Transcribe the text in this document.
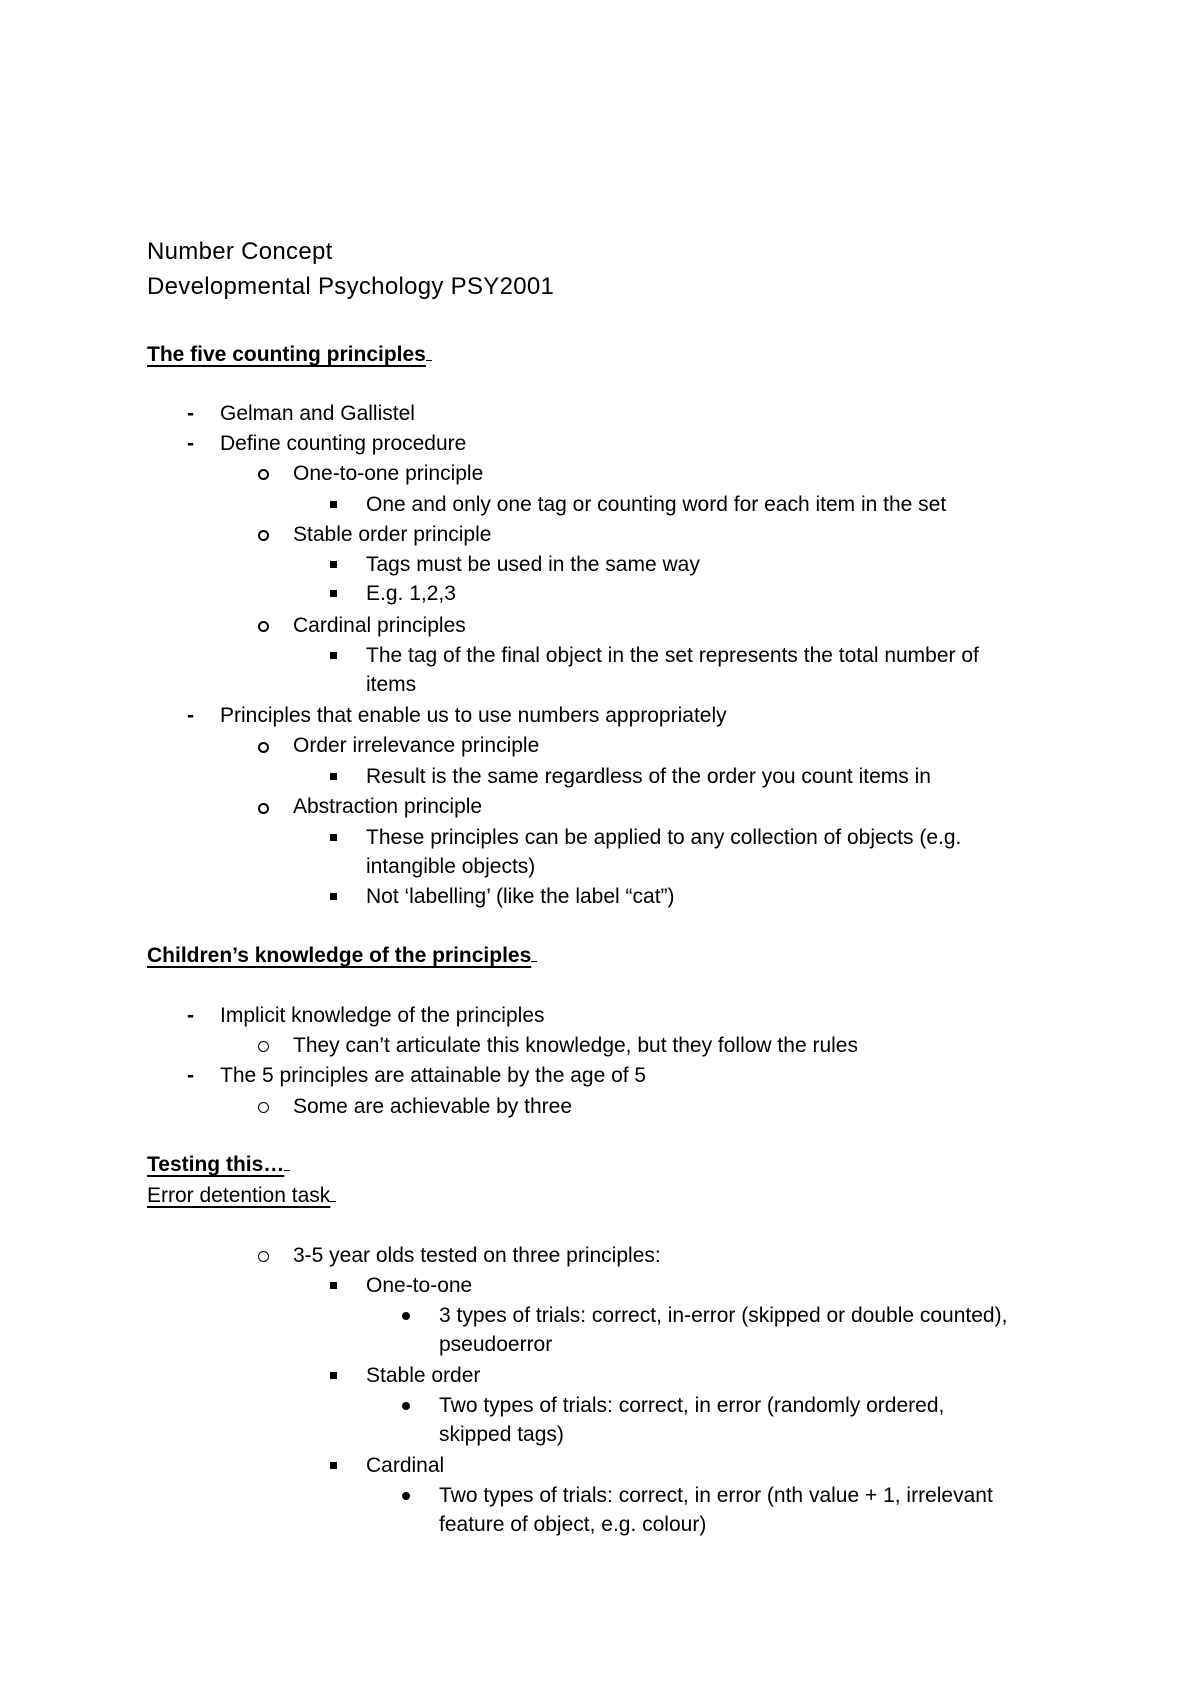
Number Concept
Developmental Psychology PSY2001
The five counting principles
-
Gelman and Gallistel
-
Define counting procedure
One-to-one principle
One and only one tag or counting word for each item in the set
Stable order principle
Tags must be used in the same way
E.g. 1,2,3
Cardinal principles
The tag of the final object in the set represents the total number of
items
-
Principles that enable us to use numbers appropriately
Order irrelevance principle
Result is the same regardless of the order you count items in
Abstraction principle
These principles can be applied to any collection of objects (e.g.
intangible objects)
Not ‘labelling’ (like the label “cat”)
Children’s knowledge of the principles
-
Implicit knowledge of the principles
They can’t articulate this knowledge, but they follow the rules
-
The 5 principles are attainable by the age of 5
Some are achievable by three
Testing this…
Error detention task
3-5 year olds tested on three principles:
One-to-one
3 types of trials: correct, in-error (skipped or double counted),
pseudoerror
Stable order
Two types of trials: correct, in error (randomly ordered,
skipped tags)
Cardinal
Two types of trials: correct, in error (nth value + 1, irrelevant
feature of object, e.g. colour)
